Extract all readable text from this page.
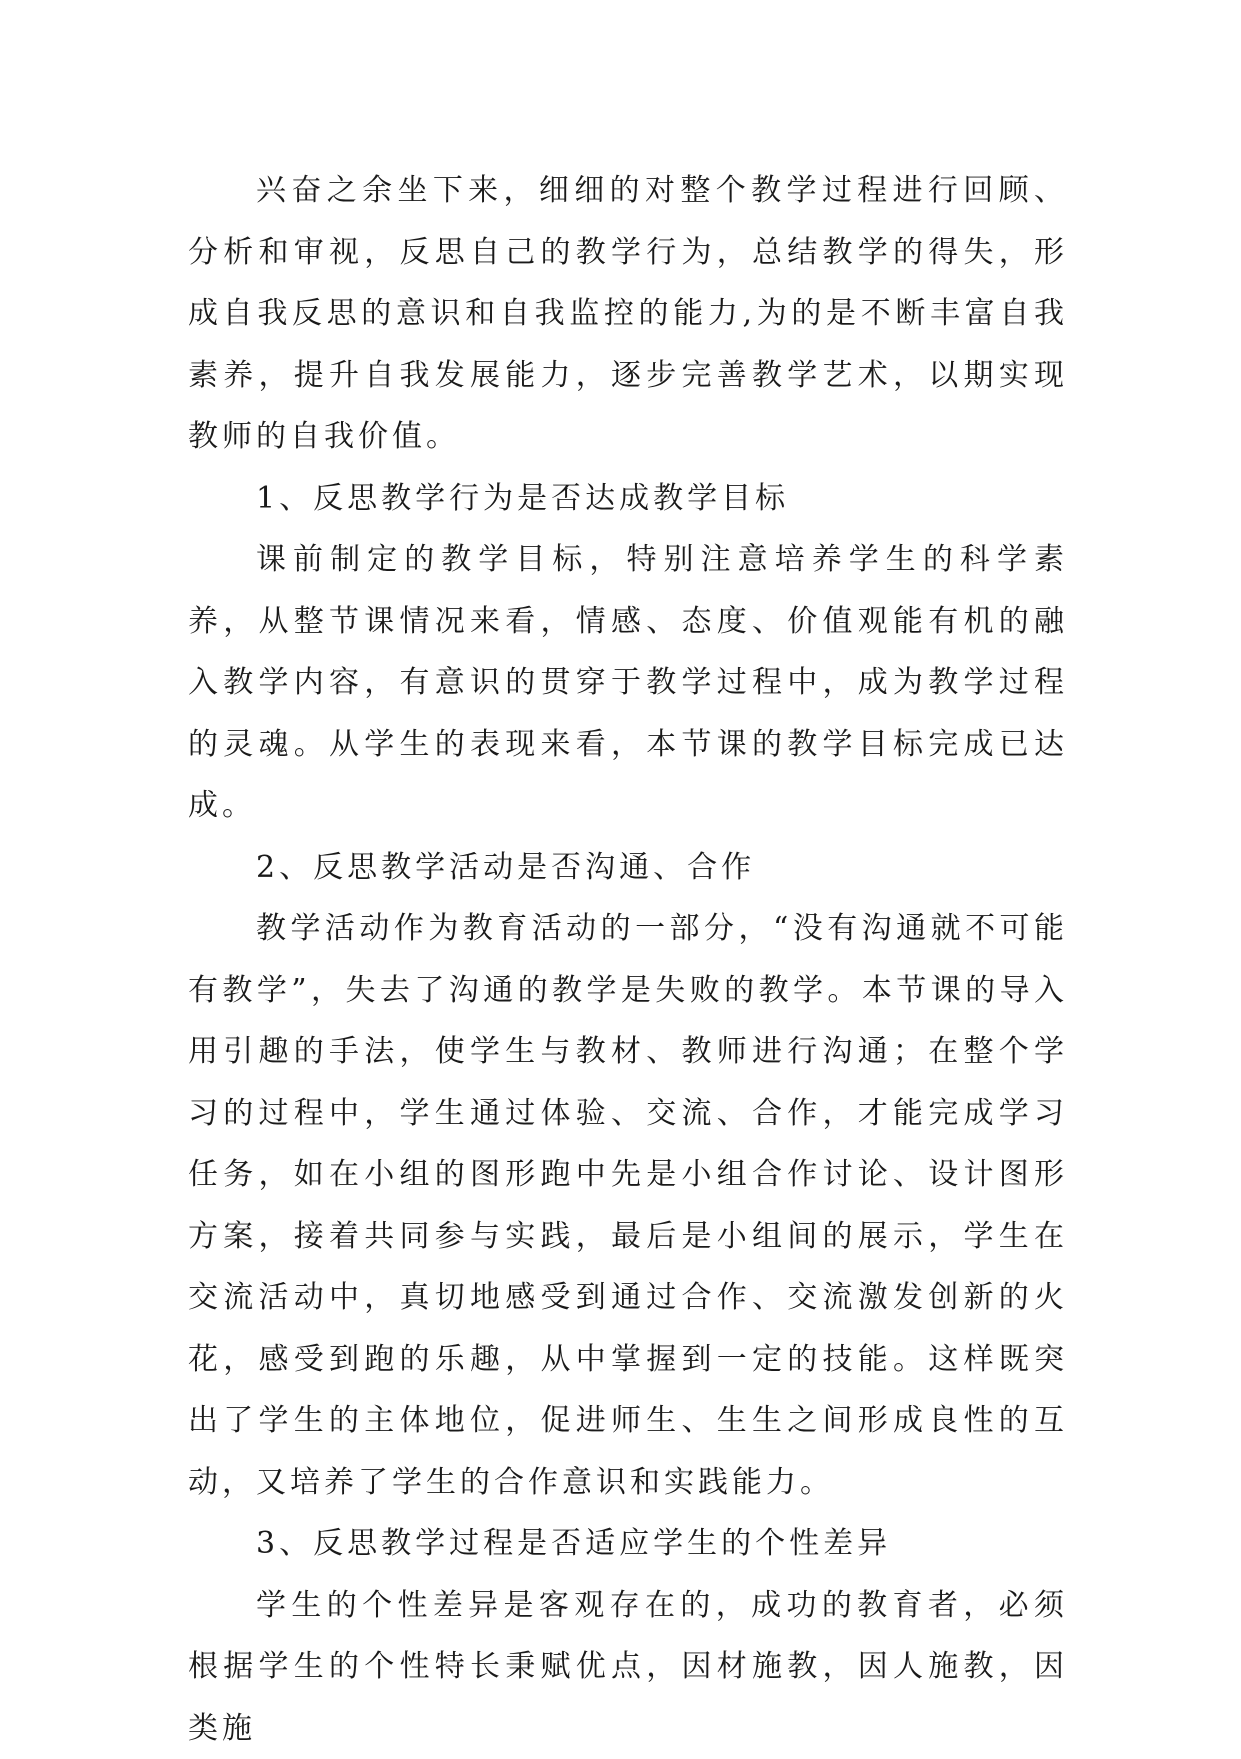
兴奋之余坐下来，细细的对整个教学过程进行回顾、分析和审视，反思自己的教学行为，总结教学的得失，形成自我反思的意识和自我监控的能力,为的是不断丰富自我素养，提升自我发展能力，逐步完善教学艺术，以期实现教师的自我价值。

1、反思教学行为是否达成教学目标

课前制定的教学目标，特别注意培养学生的科学素养，从整节课情况来看，情感、态度、价值观能有机的融入教学内容，有意识的贯穿于教学过程中，成为教学过程的灵魂。从学生的表现来看，本节课的教学目标完成已达成。

2、反思教学活动是否沟通、合作

教学活动作为教育活动的一部分，“没有沟通就不可能有教学”，失去了沟通的教学是失败的教学。本节课的导入用引趣的手法，使学生与教材、教师进行沟通；在整个学习的过程中，学生通过体验、交流、合作，才能完成学习任务，如在小组的图形跑中先是小组合作讨论、设计图形方案，接着共同参与实践，最后是小组间的展示，学生在交流活动中，真切地感受到通过合作、交流激发创新的火花，感受到跑的乐趣，从中掌握到一定的技能。这样既突出了学生的主体地位，促进师生、生生之间形成良性的互动，又培养了学生的合作意识和实践能力。

3、反思教学过程是否适应学生的个性差异

学生的个性差异是客观存在的，成功的教育者，必须根据学生的个性特长秉赋优点，因材施教，因人施教，因类施
